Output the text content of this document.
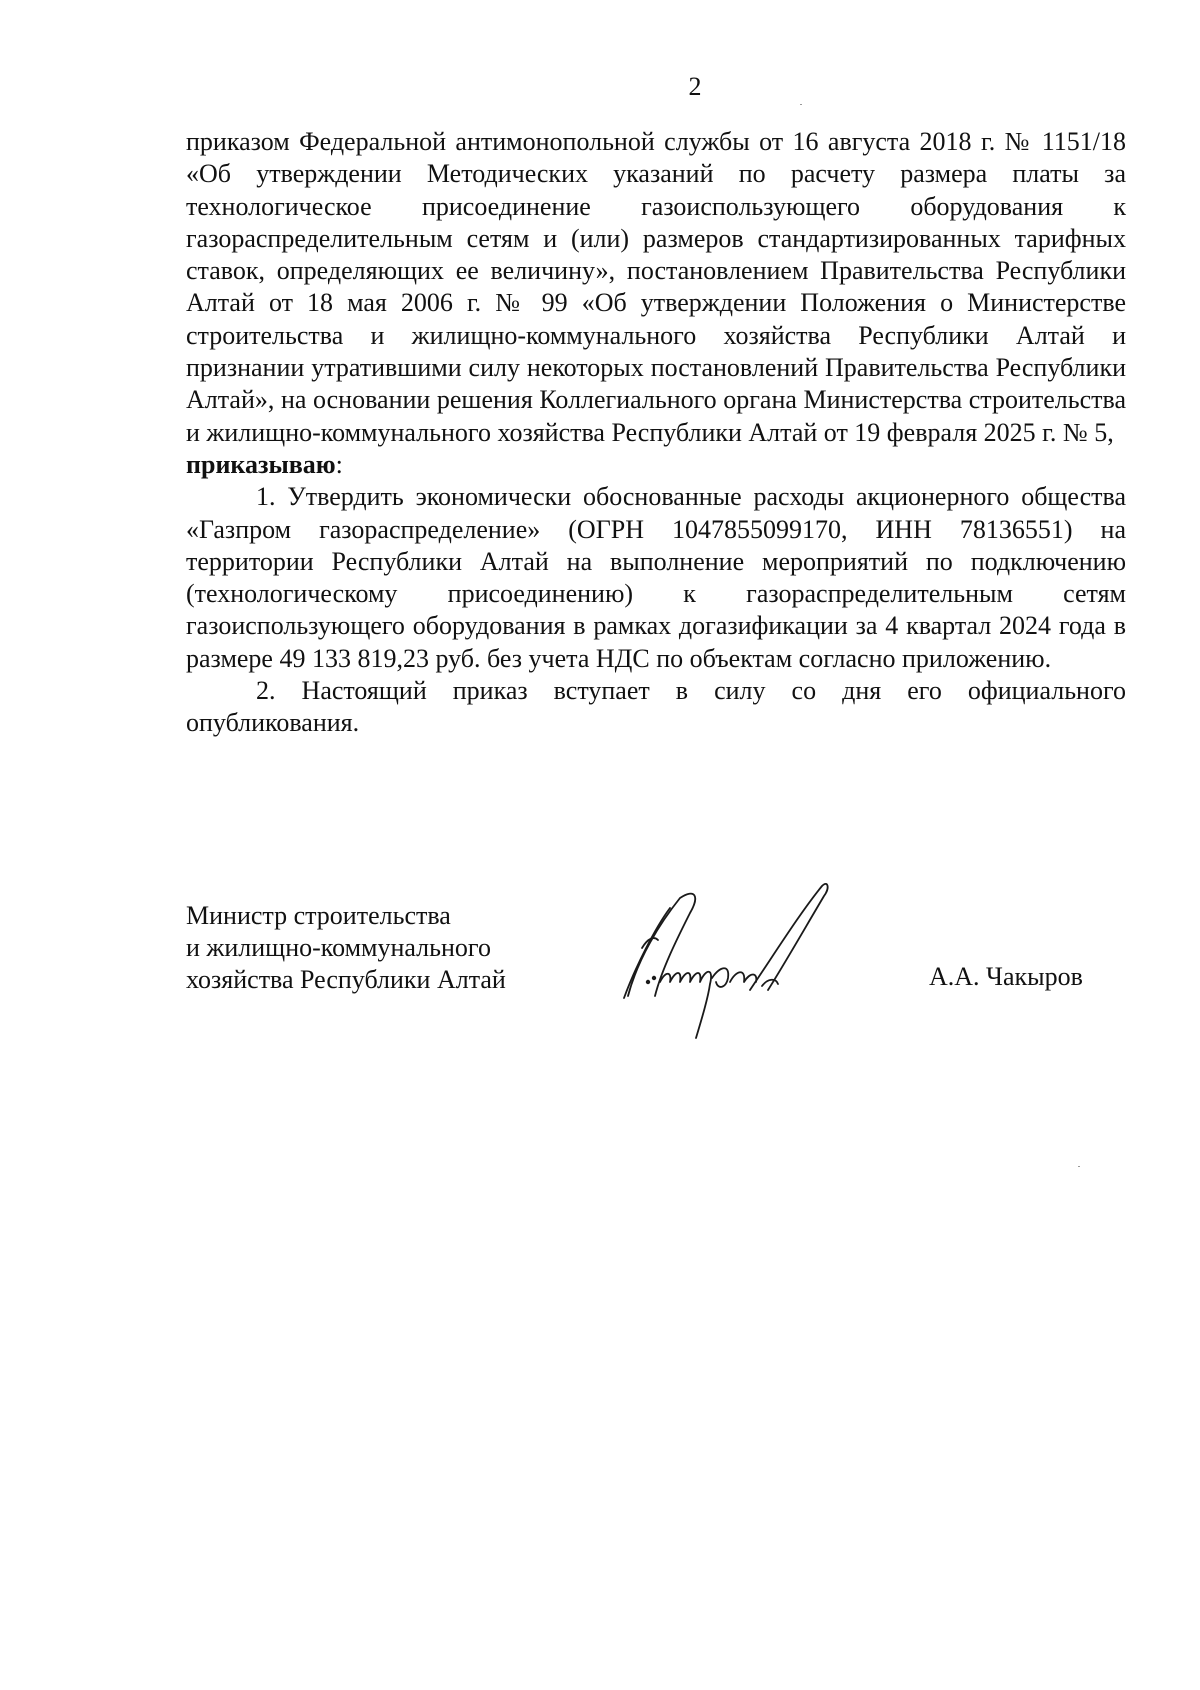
2

приказом Федеральной антимонопольной службы от 16 августа 2018 г. № 1151/18 «Об утверждении Методических указаний по расчету размера платы за технологическое присоединение газоиспользующего оборудования к газораспределительным сетям и (или) размеров стандартизированных тарифных ставок, определяющих ее величину», постановлением Правительства Республики Алтай от 18 мая 2006 г. № 99 «Об утверждении Положения о Министерстве строительства и жилищно-коммунального хозяйства Республики Алтай и признании утратившими силу некоторых постановлений Правительства Республики Алтай», на основании решения Коллегиального органа Министерства строительства и жилищно-коммунального хозяйства Республики Алтай от 19 февраля 2025 г. № 5,
приказываю:

1. Утвердить экономически обоснованные расходы акционерного общества «Газпром газораспределение» (ОГРН 1047855099170, ИНН 78136551) на территории Республики Алтай на выполнение мероприятий по подключению (технологическому присоединению) к газораспределительным сетям газоиспользующего оборудования в рамках догазификации за 4 квартал 2024 года в размере 49 133 819,23 руб. без учета НДС по объектам согласно приложению.

2. Настоящий приказ вступает в силу со дня его официального опубликования.

Министр строительства
и жилищно-коммунального
хозяйства Республики Алтай	А.А. Чакыров
